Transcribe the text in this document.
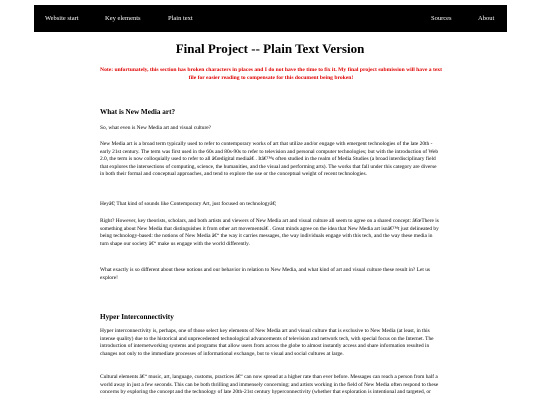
Website start	Key elements	Plain text	Sources	About
Final Project -- Plain Text Version

Note: unfortunately, this section has broken characters in places and I do not have the time to fix it. My final project submission will have a text file for easier reading to compensate for this document being broken!

What is New Media art?

So, what even is New Media art and visual culture?

New Media art is a broad term typically used to refer to contemporary works of art that utilize and/or engage with emergent technologies of the late 20th - early 21st century. The term was first used in the 60s and 80s-90s to refer to television and personal computer technologies; but with the introduction of Web 2.0, the term is now colloquially used to refer to all â€œdigital mediaâ€ . Itâ€™s often studied in the realm of Media Studies (a broad interdisciplinary field that explores the intersections of computing, science, the humanities, and the visual and performing arts). The works that fall under this category are diverse in both their formal and conceptual approaches, and tend to explore the use or the conceptual weight of recent technologies.

Heyâ€¦ That kind of sounds like Contemporary Art, just focused on technologyâ€¦

Right? However, key theorists, scholars, and both artists and viewers of New Media art and visual culture all seem to agree on a shared concept: â€œThere is something about New Media that distinguishes it from other art movementsâ€ . Great minds agree on the idea that New Media art isnâ€™t just delineated by being technology-based: the notions of New Media â€“ the way it carries messages, the way individuals engage with this tech, and the way these media in turn shape our society â€“ make us engage with the world differently.

What exactly is so different about these notions and our behavior in relation to New Media, and what kind of art and visual culture these result in? Let us explore!

Hyper Interconnectivity

Hyper interconnectivity is, perhaps, one of those select key elements of New Media art and visual culture that is exclusive to New Media (at least, in this intense quality) due to the historical and unprecedented technological advancements of television and network tech, with special focus on the Internet. The introduction of internetworking systems and programs that allow users from across the globe to almost instantly access and share information resulted in changes not only to the immediate processes of informational exchange, but to visual and social cultures at large.

Cultural elements â€“ music, art, language, customs, practices â€“ can now spread at a higher rate than ever before. Messages can reach a person from half a world away in just a few seconds. This can be both thrilling and immensely concerning; and artists working in the field of New Media often respond to these concerns by exploring the concept and the technology of late 20th-21st century hyperconnectivity (whether that exploration is intentional and targeted, or
